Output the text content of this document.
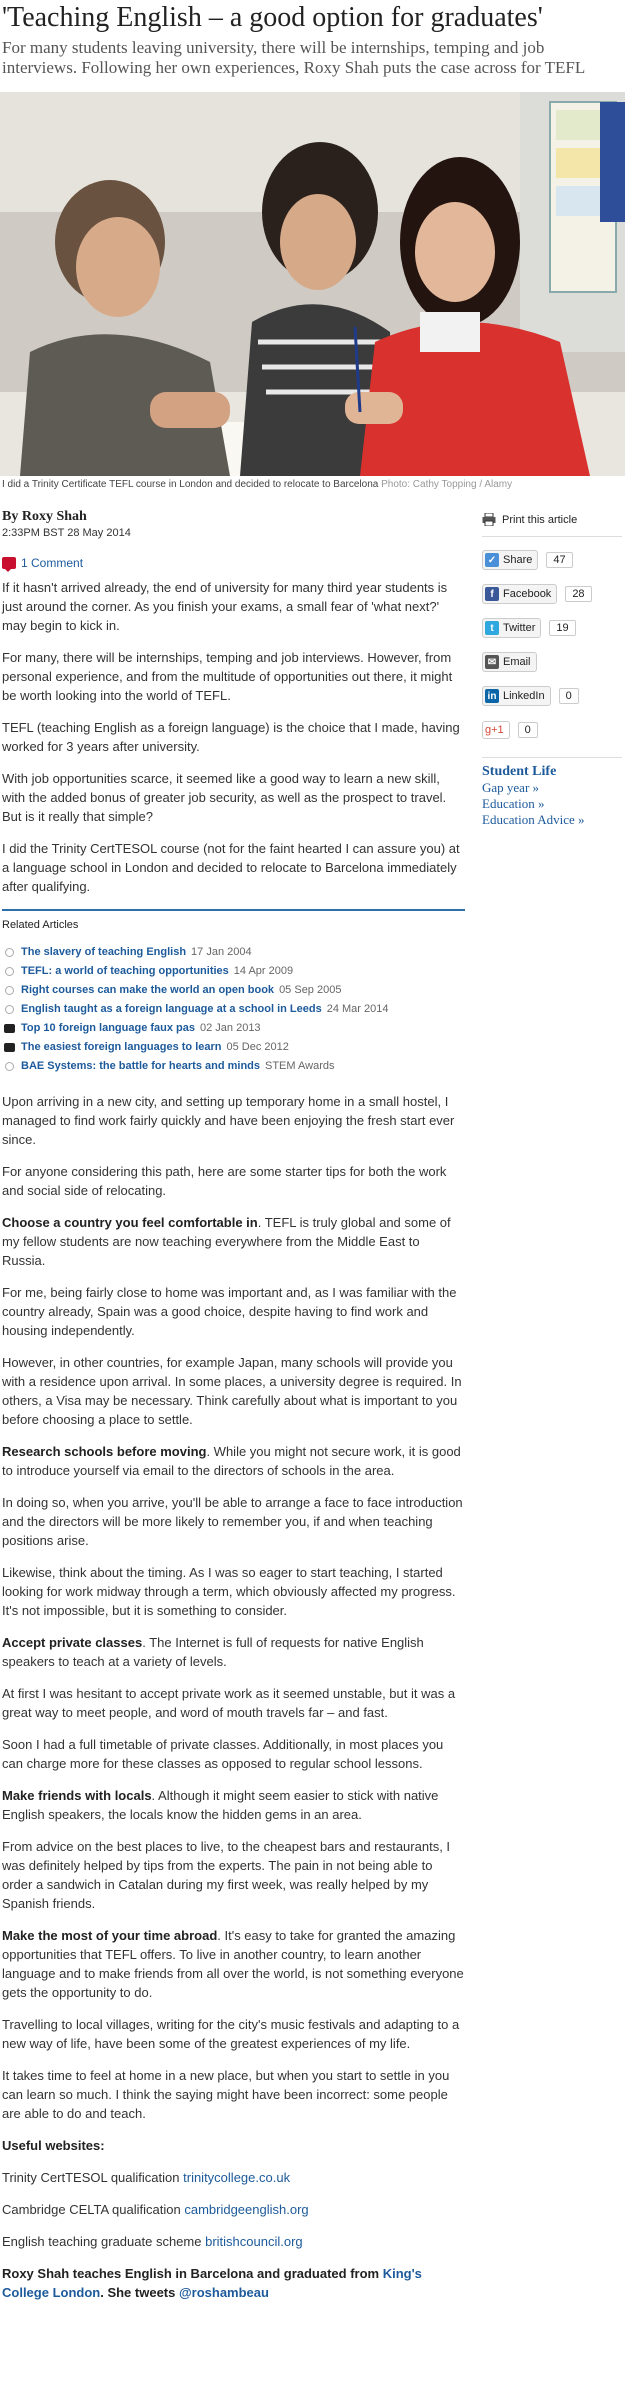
'Teaching English – a good option for graduates'

For many students leaving university, there will be internships, temping and job interviews. Following her own experiences, Roxy Shah puts the case across for TEFL

I did a Trinity Certificate TEFL course in London and decided to relocate to Barcelona Photo: Cathy Topping / Alamy
By Roxy Shah
2:33PM BST 28 May 2014
1 Comment

If it hasn't arrived already, the end of university for many third year students is just around the corner. As you finish your exams, a small fear of 'what next?' may begin to kick in.

For many, there will be internships, temping and job interviews. However, from personal experience, and from the multitude of opportunities out there, it might be worth looking into the world of TEFL.

TEFL (teaching English as a foreign language) is the choice that I made, having worked for 3 years after university.

With job opportunities scarce, it seemed like a good way to learn a new skill, with the added bonus of greater job security, as well as the prospect to travel. But is it really that simple?

I did the Trinity CertTESOL course (not for the faint hearted I can assure you) at a language school in London and decided to relocate to Barcelona immediately after qualifying.

Related Articles
The slavery of teaching English 17 Jan 2004
TEFL: a world of teaching opportunities 14 Apr 2009
Right courses can make the world an open book 05 Sep 2005
English taught as a foreign language at a school in Leeds 24 Mar 2014
Top 10 foreign language faux pas 02 Jan 2013
The easiest foreign languages to learn 05 Dec 2012
BAE Systems: the battle for hearts and minds STEM Awards

Upon arriving in a new city, and setting up temporary home in a small hostel, I managed to find work fairly quickly and have been enjoying the fresh start ever since.

For anyone considering this path, here are some starter tips for both the work and social side of relocating.

Choose a country you feel comfortable in. TEFL is truly global and some of my fellow students are now teaching everywhere from the Middle East to Russia.

For me, being fairly close to home was important and, as I was familiar with the country already, Spain was a good choice, despite having to find work and housing independently.

However, in other countries, for example Japan, many schools will provide you with a residence upon arrival. In some places, a university degree is required. In others, a Visa may be necessary. Think carefully about what is important to you before choosing a place to settle.

Research schools before moving. While you might not secure work, it is good to introduce yourself via email to the directors of schools in the area.

In doing so, when you arrive, you'll be able to arrange a face to face introduction and the directors will be more likely to remember you, if and when teaching positions arise.

Likewise, think about the timing. As I was so eager to start teaching, I started looking for work midway through a term, which obviously affected my progress. It's not impossible, but it is something to consider.

Accept private classes. The Internet is full of requests for native English speakers to teach at a variety of levels.

At first I was hesitant to accept private work as it seemed unstable, but it was a great way to meet people, and word of mouth travels far – and fast.

Soon I had a full timetable of private classes. Additionally, in most places you can charge more for these classes as opposed to regular school lessons.

Make friends with locals. Although it might seem easier to stick with native English speakers, the locals know the hidden gems in an area.

From advice on the best places to live, to the cheapest bars and restaurants, I was definitely helped by tips from the experts. The pain in not being able to order a sandwich in Catalan during my first week, was really helped by my Spanish friends.

Make the most of your time abroad. It's easy to take for granted the amazing opportunities that TEFL offers. To live in another country, to learn another language and to make friends from all over the world, is not something everyone gets the opportunity to do.

Travelling to local villages, writing for the city's music festivals and adapting to a new way of life, have been some of the greatest experiences of my life.

It takes time to feel at home in a new place, but when you start to settle in you can learn so much. I think the saying might have been incorrect: some people are able to do and teach.

Useful websites:

Trinity CertTESOL qualification trinitycollege.co.uk

Cambridge CELTA qualification cambridgeenglish.org

English teaching graduate scheme britishcouncil.org

Roxy Shah teaches English in Barcelona and graduated from King's College London. She tweets @roshambeau

Print this article
✓ Share	47
f Facebook	28
t Twitter	19
✉ Email
in LinkedIn	0
g+1	0
Student Life
Gap year »
Education »
Education Advice »
